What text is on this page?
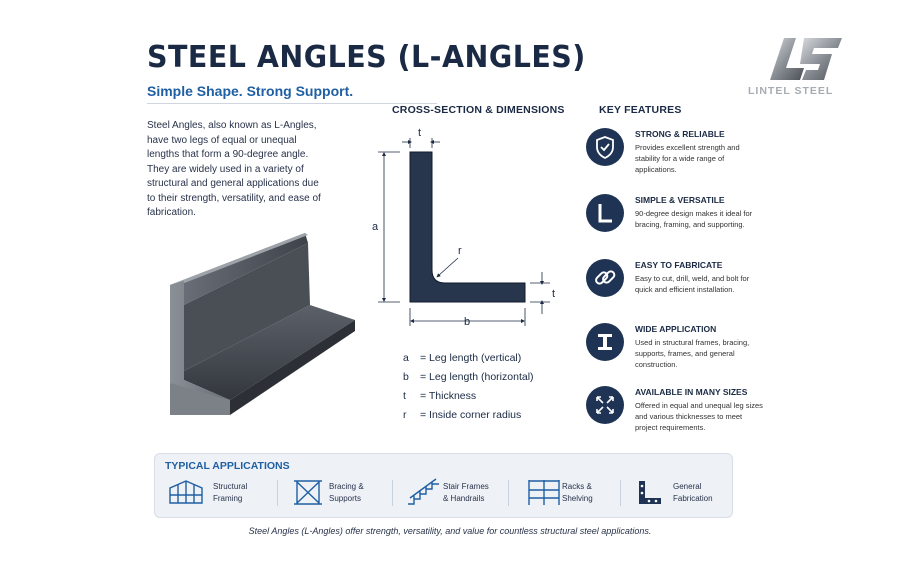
STEEL ANGLES (L-ANGLES)
Simple Shape. Strong Support.
Steel Angles, also known as L-Angles, have two legs of equal or unequal lengths that form a 90-degree angle. They are widely used in a variety of structural and general applications due to their strength, versatility, and ease of fabrication.
LINTEL STEEL
CROSS-SECTION & DIMENSIONS
t
a
r
t
b
a	= Leg length (vertical)
b	= Leg length (horizontal)
t	= Thickness
r	= Inside corner radius
KEY FEATURES
STRONG & RELIABLE
Provides excellent strength and stability for a wide range of applications.
SIMPLE & VERSATILE
90-degree design makes it ideal for bracing, framing, and supporting.
EASY TO FABRICATE
Easy to cut, drill, weld, and bolt for quick and efficient installation.
WIDE APPLICATION
Used in structural frames, bracing, supports, frames, and general construction.
AVAILABLE IN MANY SIZES
Offered in equal and unequal leg sizes and various thicknesses to meet project requirements.
TYPICAL APPLICATIONS
Structural
Framing
Bracing &
Supports
Stair Frames
& Handrails
Racks &
Shelving
General
Fabrication
Steel Angles (L-Angles) offer strength, versatility, and value for countless structural steel applications.
